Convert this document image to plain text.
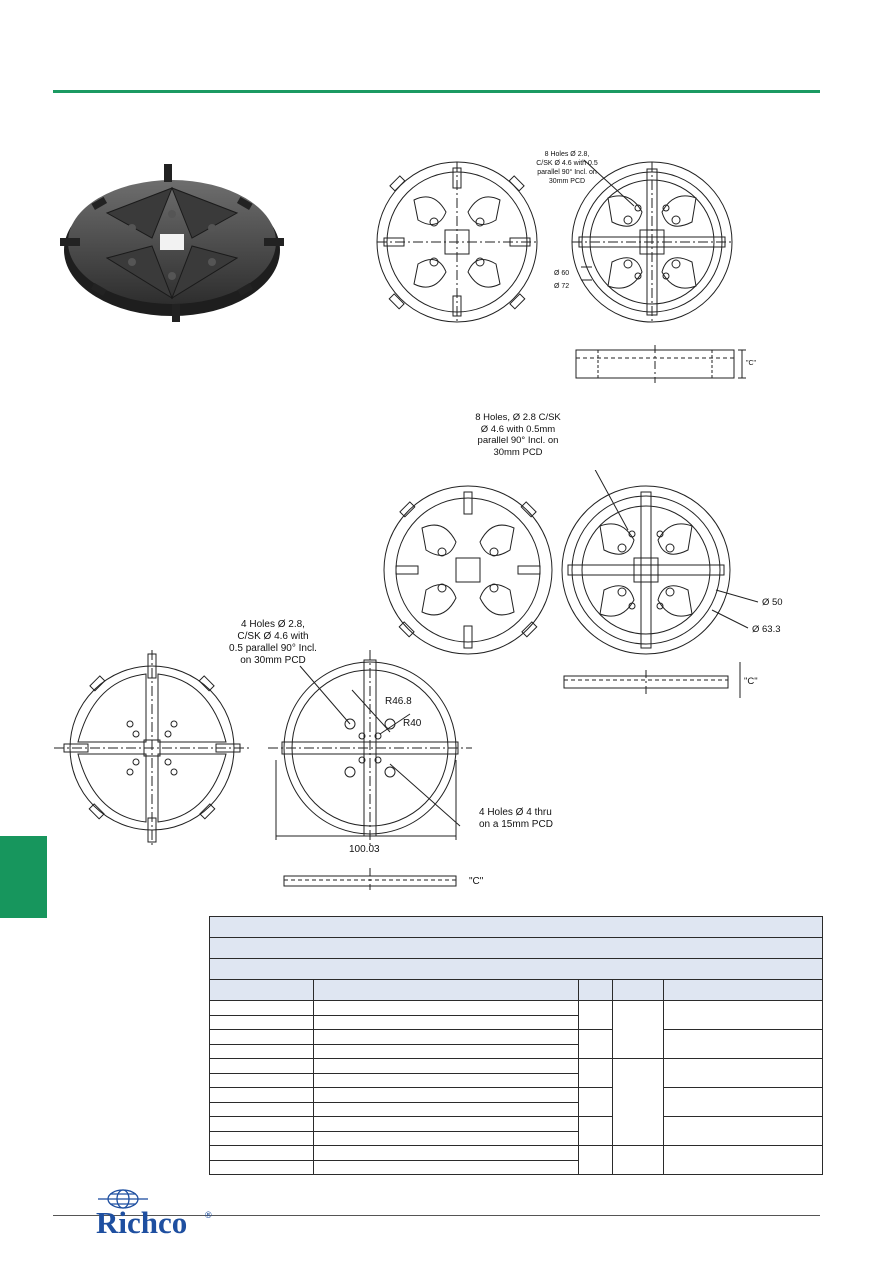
8 Holes Ø 2.8,
C/SK Ø 4.6 with 0.5
parallel 90° Incl. on
30mm PCD
Ø 60
Ø 72
"C"
8 Holes, Ø 2.8 C/SK
Ø 4.6 with 0.5mm
parallel 90° Incl. on
30mm PCD
Ø 50
Ø 63.3
"C"
4 Holes Ø 2.8,
C/SK Ø 4.6 with
0.5 parallel 90° Incl.
on 30mm PCD
R46.8
R40
4 Holes Ø 4 thru
on a 15mm PCD
100.03
"C"

Richco ®
